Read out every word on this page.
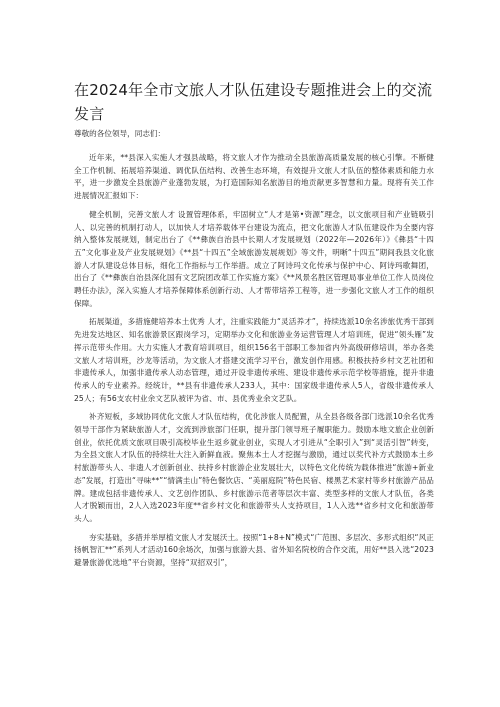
在2024年全市文旅人才队伍建设专题推进会上的交流发言
尊敬的各位领导，同志们：

近年来，**县深入实施人才强县战略，将文旅人才作为推动全县旅游高质量发展的核心引擎。不断健全工作机制、拓展培养渠道、调优队伍结构、改善生态环境，有效提升文旅人才队伍的整体素质和能力水平，进一步激发全县旅游产业蓬勃发展，为打造国际知名旅游目的地贡献更多智慧和力量。现将有关工作进展情况汇报如下：

健全机制，完善文旅人才 设置管理体系，牢固树立“人才是第•资源”理念，以文旅项目和产业链吸引人、以完善的机制打动人，以加快人才培养载体平台建设为流点，把文化旅游人才队伍建设作为全要内容纳入整体发展规划，制定出台了《**彝族自治县中长期人才发展规划（2022年—2026年）》《彝县“十四五”文化事业及产业发展规划》《**县“十四五”全域旅游发展规划》等文件，明晰“十四五”期间我县文化旅游人才队建设总体目标，细化工作指标与工作举措。成立了阿诗玛文化传承与保护中心、阿诗玛歌舞团，出台了《**彝族自治县深化国有文艺院团改革工作实施方案》《**风景名胜区管理局事业单位工作人员岗位聘任办法》，深入实施人才培养保障体系创新行动、人才帮带培养工程等，进一步强化文旅人才工作的组织保障。

拓展渠道，多措施健培养本土优秀 人才，注重实践能力“灵活养才”，持续选派10余名涉旅优秀干部到先进发达地区、知名旅游景区跟岗学习，定期举办文化和旅游业务运营管理人才培训班，促进“领头雁”发挥示范带头作用。大力实施人才教育培训项目，组织156名干部职工参加省内外高级研修培训，举办各类文旅人才培训班，沙龙等活动，为文旅人才搭建交流学习平台，激发创作用感。积极扶持乡村文艺社团和非遗传承人，加强非遗传承人动态管理，通过开设非遗传承班、建设非遗传承示范学校等措施，提升非遗传承人的专业素养。经统计，**县有非遗传承人233人，其中：国家级非遗传承人5人，省级非遗传承人25人；有56支农村业余文艺队被评为省、市、县优秀业余文艺队。

补齐短板，多域协同优化文旅人才队伍结构，优化涉旅人员配置，从全县各级各部门选派10余名优秀领导干部作为紧缺旅游人才，交流到涉旅部门任职，提升部门领导班子履职能力。鼓励本地文旅企业创新创业，依托优质文旅项目吸引高校毕业生返乡就业创业，实现人才引进从“全职引入”到“灵活引智”转变，为全县文旅人才队伍的持续壮大注入新鲜血液。聚焦本土人才挖掘与激励，通过以奖代补方式鼓励本土乡村旅游带头人、非遗人才创新创业、扶持乡村旅游企业发展壮大，以特色文化传统为载体推进“旅游+新业态”发展，打造出“寻味**”“情满圭山”特色餐饮店、“美丽庭院”特色民宿、楼黑艺术家村等乡村旅游产品品牌。建成包括非遗传承人、文艺创作团队、乡村旅游示范者等层次丰富、类型多样的文旅人才队伍，各类人才脱颖而出，2人入选2023年度**省乡村文化和旅游带头人支持项目，1人入选**省乡村文化和旅游带头人。

夯实基础，多措并举厚植文旅人才发展沃土。按照“1+8+N”模式“广范围、多层次、多形式组织“风正扬帆智汇**”系列人才活动160余场次，加强与旅游大县、省外知名院校的合作交流，用好**县入选“2023避暑旅游优选地”平台资源，坚持“双招双引”，
